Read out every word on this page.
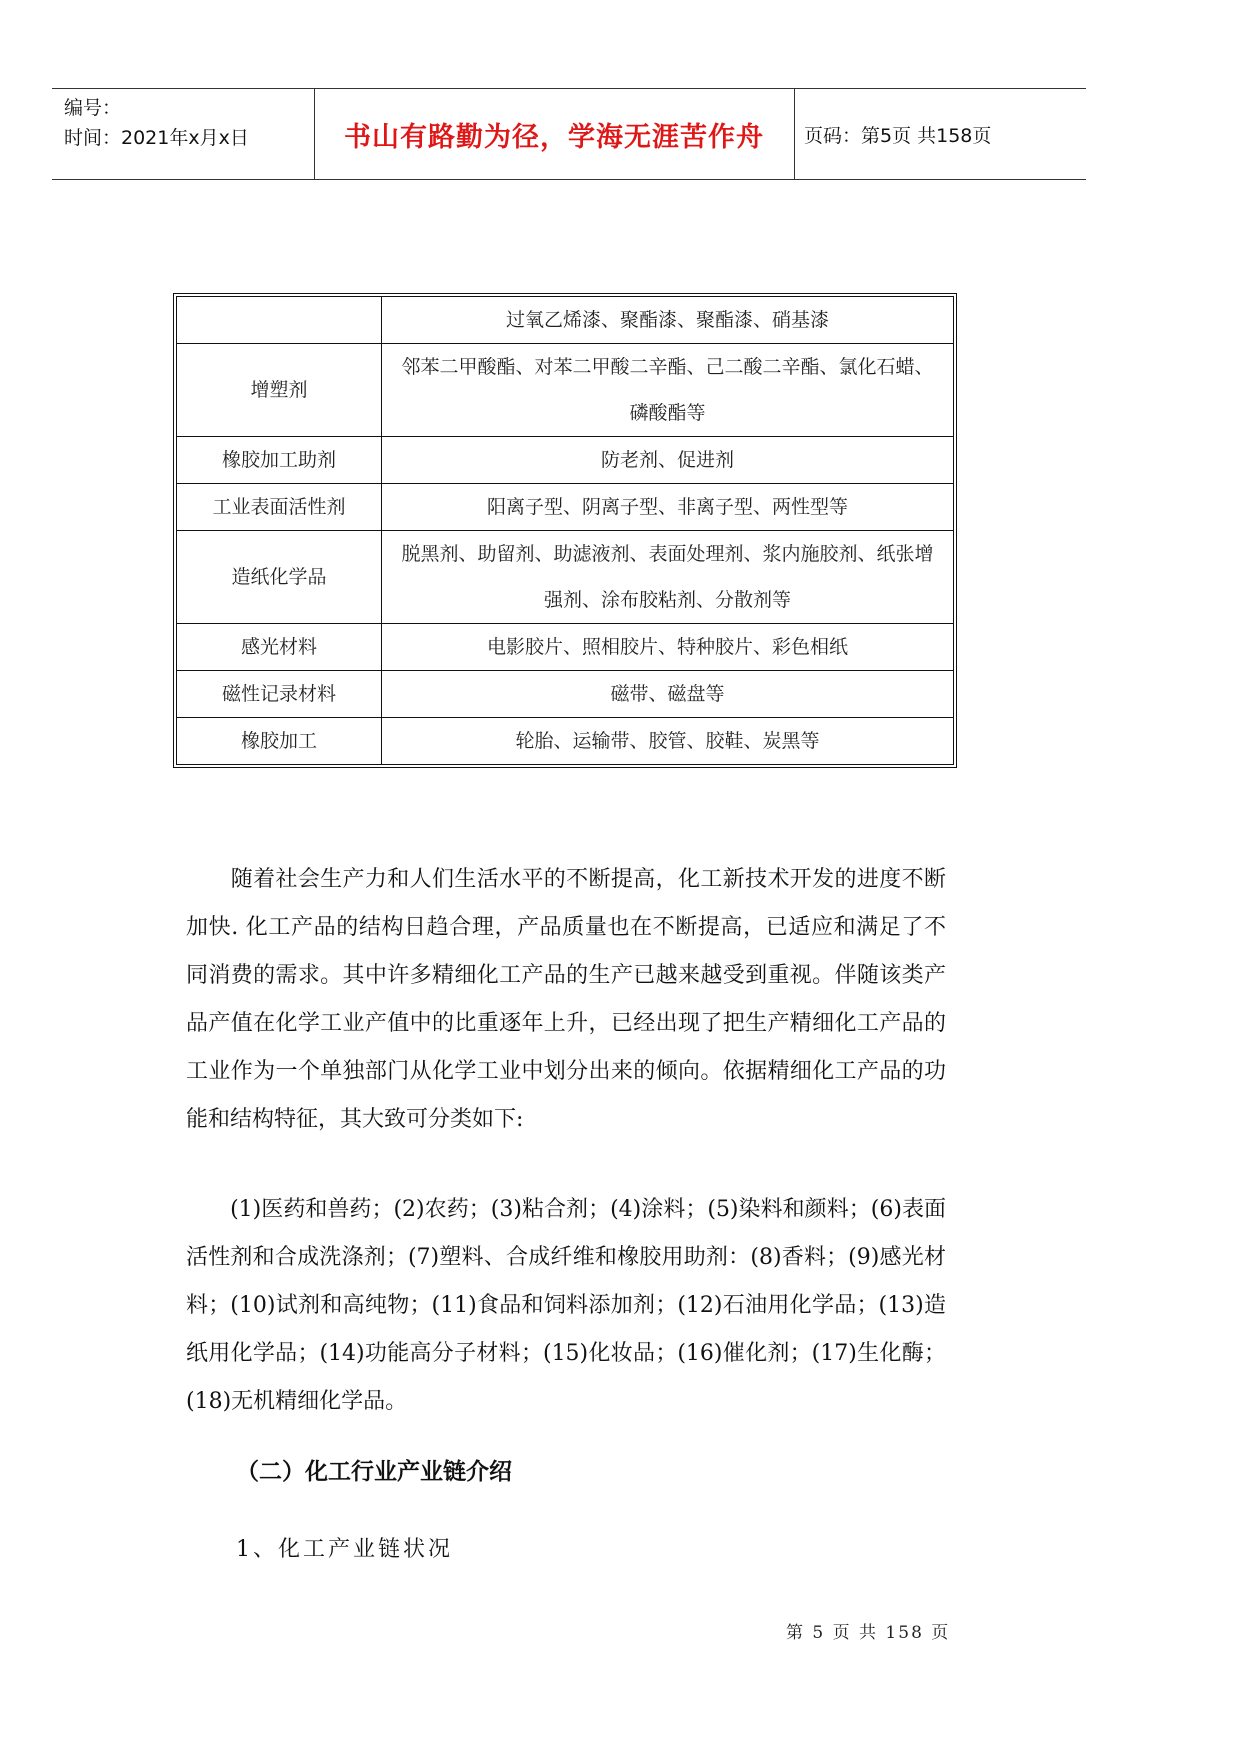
编号：
时间：2021年x月x日	书山有路勤为径，学海无涯苦作舟	页码：第5页 共158页
	过氧乙烯漆、聚酯漆、聚酯漆、硝基漆
增塑剂	邻苯二甲酸酯、对苯二甲酸二辛酯、己二酸二辛酯、氯化石蜡、磷酸酯等
橡胶加工助剂	防老剂、促进剂
工业表面活性剂	阳离子型、阴离子型、非离子型、两性型等
造纸化学品	脱黑剂、助留剂、助滤液剂、表面处理剂、浆内施胶剂、纸张增强剂、涂布胶粘剂、分散剂等
感光材料	电影胶片、照相胶片、特种胶片、彩色相纸
磁性记录材料	磁带、磁盘等
橡胶加工	轮胎、运输带、胶管、胶鞋、炭黑等

　　随着社会生产力和人们生活水平的不断提高，化工新技术开发的进度不断加快. 化工产品的结构日趋合理，产品质量也在不断提高，已适应和满足了不同消费的需求。其中许多精细化工产品的生产已越来越受到重视。伴随该类产品产值在化学工业产值中的比重逐年上升，已经出现了把生产精细化工产品的工业作为一个单独部门从化学工业中划分出来的倾向。依据精细化工产品的功能和结构特征，其大致可分类如下:

　　(1)医药和兽药；(2)农药；(3)粘合剂；(4)涂料；(5)染料和颜料；(6)表面活性剂和合成洗涤剂；(7)塑料、合成纤维和橡胶用助剂：(8)香料；(9)感光材料；(10)试剂和高纯物；(11)食品和饲料添加剂；(12)石油用化学品；(13)造纸用化学品；(14)功能高分子材料；(15)化妆品；(16)催化剂；(17)生化酶；(18)无机精细化学品。

（二）化工行业产业链介绍
1、化工产业链状况
第 5 页 共 158 页
